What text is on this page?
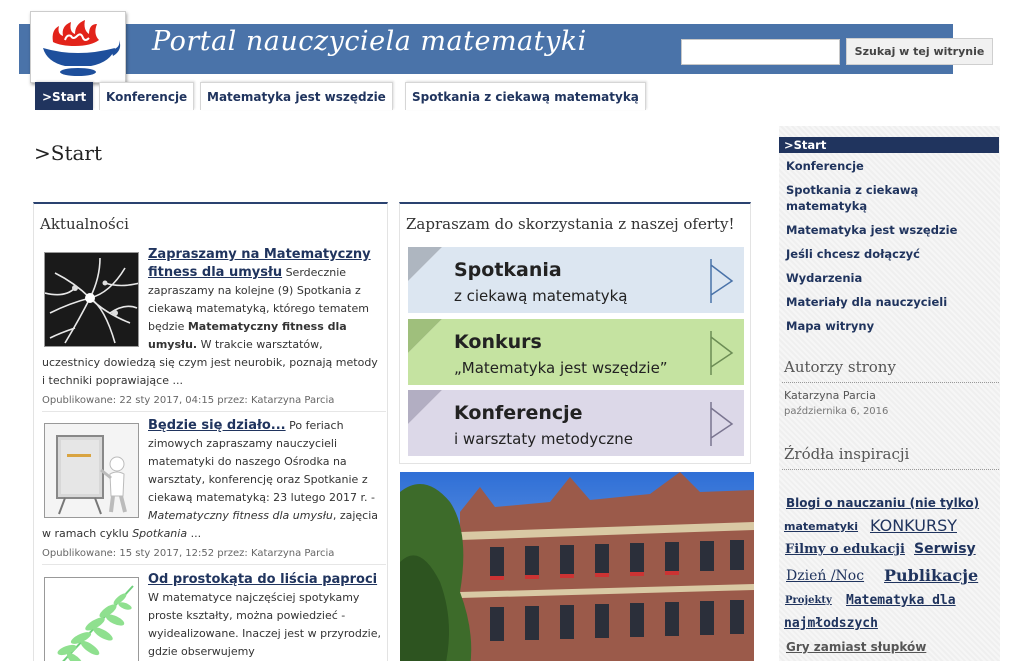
Portal nauczyciela matematyki	Szukaj w tej witrynie
>Start	Konferencje	Matematyka jest wszędzie	Spotkania z ciekawą matematyką
>Start
Aktualności
Zapraszamy na Matematyczny fitness dla umysłu Serdecznie zapraszamy na kolejne (9) Spotkania z ciekawą matematyką, którego tematem będzie Matematyczny fitness dla umysłu. W trakcie warsztatów, uczestnicy dowiedzą się czym jest neurobik, poznają metody i techniki poprawiające ...
Opublikowane: 22 sty 2017, 04:15 przez: Katarzyna Parcia
Będzie się działo... Po feriach zimowych zapraszamy nauczycieli matematyki do naszego Ośrodka na warsztaty, konferencję oraz Spotkanie z ciekawą matematyką: 23 lutego 2017 r. - Matematyczny fitness dla umysłu, zajęcia w ramach cyklu Spotkania ...
Opublikowane: 15 sty 2017, 12:52 przez: Katarzyna Parcia
Od prostokąta do liścia paproci
W matematyce najczęściej spotykamy proste kształty, można powiedzieć - wyidealizowane. Inaczej jest w przyrodzie, gdzie obserwujemy
Zapraszam do skorzystania z naszej oferty!
Spotkania
z ciekawą matematyką
Konkurs
„Matematyka jest wszędzie”
Konferencje
i warsztaty metodyczne
>Start
Konferencje
Spotkania z ciekawą matematyką
Matematyka jest wszędzie
Jeśli chcesz dołączyć
Wydarzenia
Materiały dla nauczycieli
Mapa witryny
Autorzy strony
Katarzyna Parcia
października 6, 2016
Źródła inspiracji
Blogi o nauczaniu (nie tylko)
matematyki KONKURSY
Filmy o edukacji Serwisy
Dzień /Noc Publikacje
Projekty Matematyka dla
najmłodszych
Gry zamiast słupków
